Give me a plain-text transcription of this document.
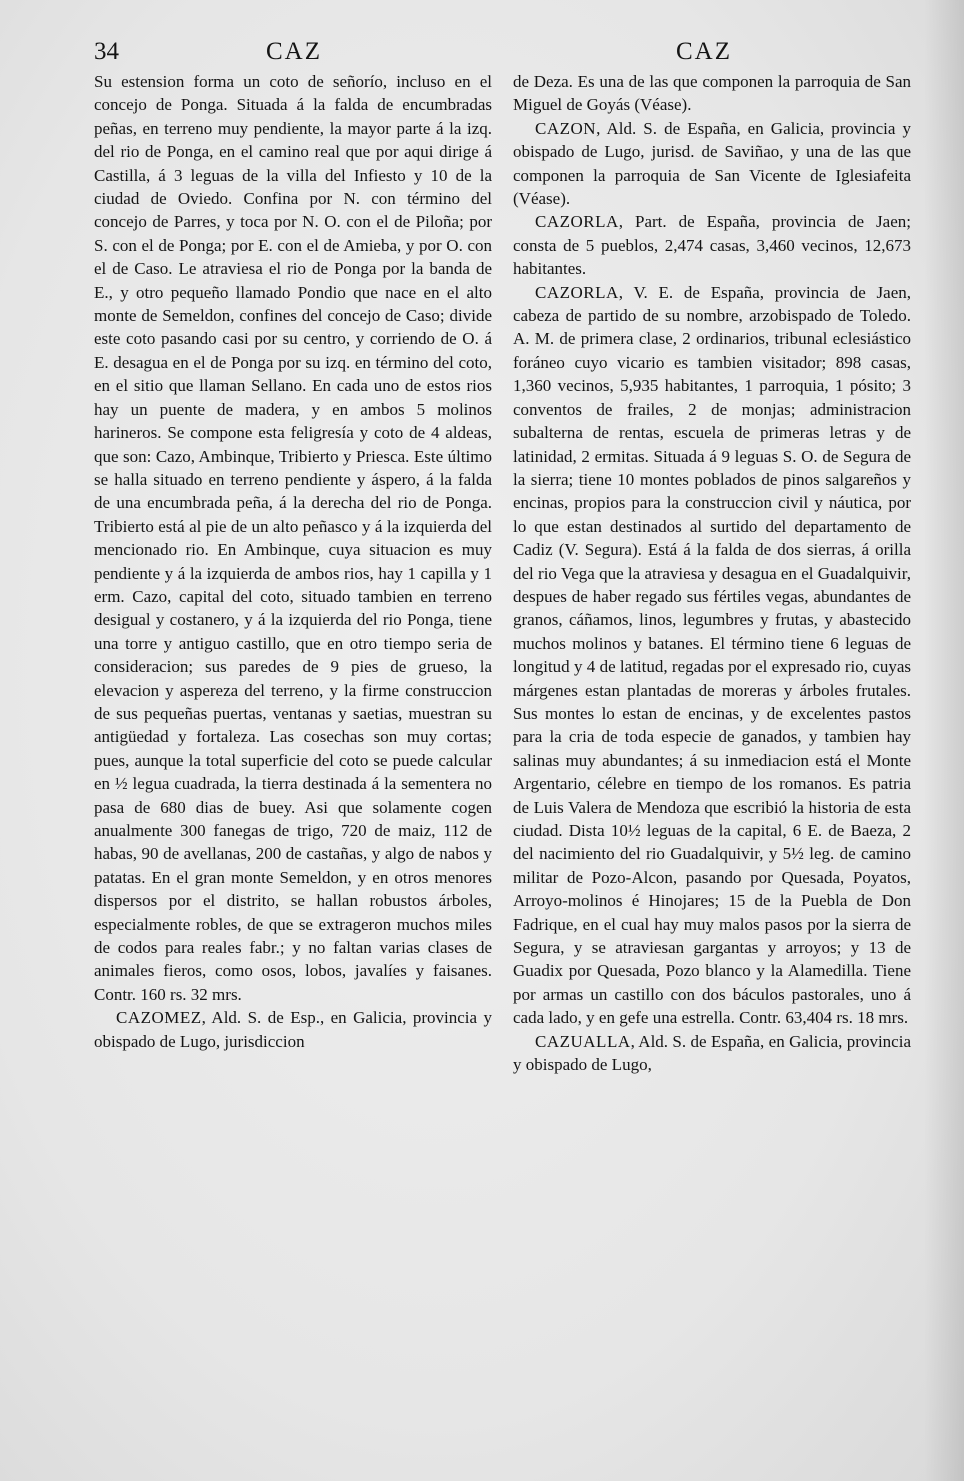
34	CAZ	CAZ

Su estension forma un coto de señorío, incluso en el concejo de Ponga. Situada á la falda de encumbradas peñas, en terreno muy pendiente, la mayor parte á la izq. del rio de Ponga, en el camino real que por aqui dirige á Castilla, á 3 leguas de la villa del Infiesto y 10 de la ciudad de Oviedo. Confina por N. con término del concejo de Parres, y toca por N. O. con el de Piloña; por S. con el de Ponga; por E. con el de Amieba, y por O. con el de Caso. Le atraviesa el rio de Ponga por la banda de E., y otro pequeño llamado Pondio que nace en el alto monte de Semeldon, confines del concejo de Caso; divide este coto pasando casi por su centro, y corriendo de O. á E. desagua en el de Ponga por su izq. en término del coto, en el sitio que llaman Sellano. En cada uno de estos rios hay un puente de madera, y en ambos 5 molinos harineros. Se compone esta feligresía y coto de 4 aldeas, que son: Cazo, Ambinque, Tribierto y Priesca. Este último se halla situado en terreno pendiente y áspero, á la falda de una encumbrada peña, á la derecha del rio de Ponga. Tribierto está al pie de un alto peñasco y á la izquierda del mencionado rio. En Ambinque, cuya situacion es muy pendiente y á la izquierda de ambos rios, hay 1 capilla y 1 erm. Cazo, capital del coto, situado tambien en terreno desigual y costanero, y á la izquierda del rio Ponga, tiene una torre y antiguo castillo, que en otro tiempo seria de consideracion; sus paredes de 9 pies de grueso, la elevacion y aspereza del terreno, y la firme construccion de sus pequeñas puertas, ventanas y saetias, muestran su antigüedad y fortaleza. Las cosechas son muy cortas; pues, aunque la total superficie del coto se puede calcular en ½ legua cuadrada, la tierra destinada á la sementera no pasa de 680 dias de buey. Asi que solamente cogen anualmente 300 fanegas de trigo, 720 de maiz, 112 de habas, 90 de avellanas, 200 de castañas, y algo de nabos y patatas. En el gran monte Semeldon, y en otros menores dispersos por el distrito, se hallan robustos árboles, especialmente robles, de que se extrageron muchos miles de codos para reales fabr.; y no faltan varias clases de animales fieros, como osos, lobos, javalíes y faisanes. Contr. 160 rs. 32 mrs.

CAZOMEZ, Ald. S. de Esp., en Galicia, provincia y obispado de Lugo, jurisdiccion

de Deza. Es una de las que componen la parroquia de San Miguel de Goyás (Véase).

CAZON, Ald. S. de España, en Galicia, provincia y obispado de Lugo, jurisd. de Saviñao, y una de las que componen la parroquia de San Vicente de Iglesiafeita (Véase).

CAZORLA, Part. de España, provincia de Jaen; consta de 5 pueblos, 2,474 casas, 3,460 vecinos, 12,673 habitantes.

CAZORLA, V. E. de España, provincia de Jaen, cabeza de partido de su nombre, arzobispado de Toledo. A. M. de primera clase, 2 ordinarios, tribunal eclesiástico foráneo cuyo vicario es tambien visitador; 898 casas, 1,360 vecinos, 5,935 habitantes, 1 parroquia, 1 pósito; 3 conventos de frailes, 2 de monjas; administracion subalterna de rentas, escuela de primeras letras y de latinidad, 2 ermitas. Situada á 9 leguas S. O. de Segura de la sierra; tiene 10 montes poblados de pinos salgareños y encinas, propios para la construccion civil y náutica, por lo que estan destinados al surtido del departamento de Cadiz (V. Segura). Está á la falda de dos sierras, á orilla del rio Vega que la atraviesa y desagua en el Guadalquivir, despues de haber regado sus fértiles vegas, abundantes de granos, cáñamos, linos, legumbres y frutas, y abastecido muchos molinos y batanes. El término tiene 6 leguas de longitud y 4 de latitud, regadas por el expresado rio, cuyas márgenes estan plantadas de moreras y árboles frutales. Sus montes lo estan de encinas, y de excelentes pastos para la cria de toda especie de ganados, y tambien hay salinas muy abundantes; á su inmediacion está el Monte Argentario, célebre en tiempo de los romanos. Es patria de Luis Valera de Mendoza que escribió la historia de esta ciudad. Dista 10½ leguas de la capital, 6 E. de Baeza, 2 del nacimiento del rio Guadalquivir, y 5½ leg. de camino militar de Pozo-Alcon, pasando por Quesada, Poyatos, Arroyo-molinos é Hinojares; 15 de la Puebla de Don Fadrique, en el cual hay muy malos pasos por la sierra de Segura, y se atraviesan gargantas y arroyos; y 13 de Guadix por Quesada, Pozo blanco y la Alamedilla. Tiene por armas un castillo con dos báculos pastorales, uno á cada lado, y en gefe una estrella. Contr. 63,404 rs. 18 mrs.

CAZUALLA, Ald. S. de España, en Galicia, provincia y obispado de Lugo,
